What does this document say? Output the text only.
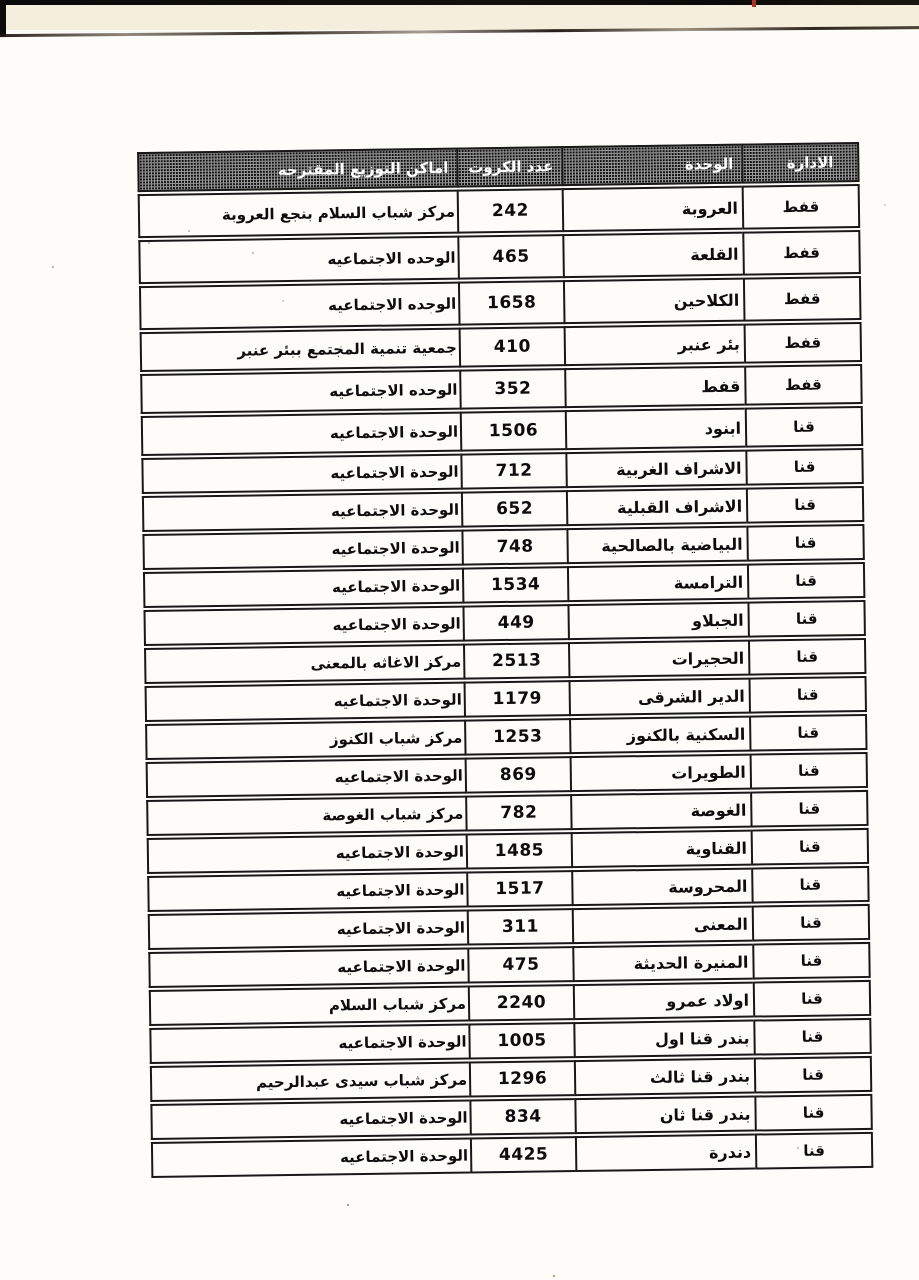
الادارة	الوحدة	عدد الكروت	اماكن التوزيع المقترحه
قفط	العروبة	242	مركز شباب السلام بنجع العروبة
قفط	القلعة	465	الوحده الاجتماعيه
قفط	الكلاحين	1658	الوحده الاجتماعيه
قفط	بئر عنبر	410	جمعية تنمية المجتمع ببئر عنبر
قفط	قفط	352	الوحده الاجتماعيه
قنا	ابنود	1506	الوحدة الاجتماعيه
قنا	الاشراف الغربية	712	الوحدة الاجتماعيه
قنا	الاشراف القبلية	652	الوحدة الاجتماعيه
قنا	البياضية بالصالحية	748	الوحدة الاجتماعيه
قنا	الترامسة	1534	الوحدة الاجتماعيه
قنا	الجبلاو	449	الوحدة الاجتماعيه
قنا	الحجيرات	2513	مركز الاغاثه بالمعنى
قنا	الدير الشرقى	1179	الوحدة الاجتماعيه
قنا	السكنية بالكنوز	1253	مركز شباب الكنوز
قنا	الطويرات	869	الوحدة الاجتماعيه
قنا	الغوصة	782	مركز شباب الغوصة
قنا	القناوية	1485	الوحدة الاجتماعيه
قنا	المحروسة	1517	الوحدة الاجتماعيه
قنا	المعنى	311	الوحدة الاجتماعيه
قنا	المنيرة الحديثة	475	الوحدة الاجتماعيه
قنا	اولاد عمرو	2240	مركز شباب السلام
قنا	بندر قنا اول	1005	الوحدة الاجتماعيه
قنا	بندر قنا ثالث	1296	مركز شباب سيدى عبدالرحيم
قنا	بندر قنا ثان	834	الوحدة الاجتماعيه
قنا	دندرة	4425	الوحدة الاجتماعيه
